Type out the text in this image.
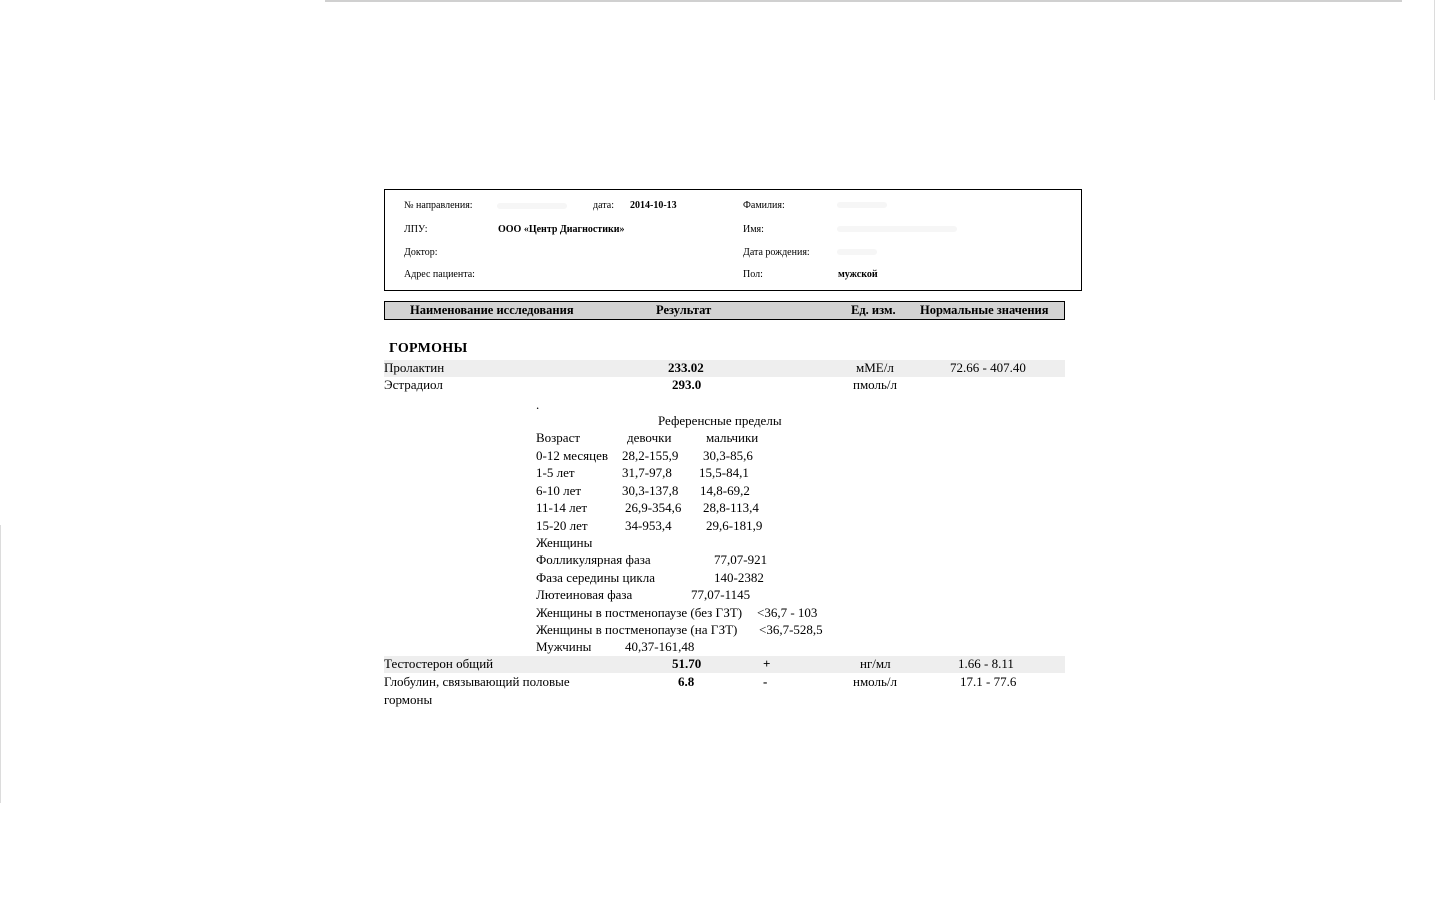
№ направления:	дата: 2014-10-13	Фамилия:
ЛПУ:	ООО «Центр Диагностики»	Имя:
Доктор:	Дата рождения:
Адрес пациента:	Пол:	мужской
Наименование исследования	Результат	Ед. изм. Нормальные значения
ГОРМОНЫ
Пролактин	233.02	мМЕ/л	72.66 - 407.40
Эстрадиол	293.0	пмоль/л
.
Референсные пределы
Возраст	девочки	мальчики
0-12 месяцев 28,2-155,9 30,3-85,6
1-5 лет	31,7-97,8 15,5-84,1
6-10 лет	30,3-137,8 14,8-69,2
11-14 лет	26,9-354,6 28,8-113,4
15-20 лет	34-953,4	29,6-181,9
Женщины
Фолликулярная фаза	77,07-921
Фаза середины цикла	140-2382
Лютеиновая фаза	77,07-1145
Женщины в постменопаузе (без ГЗТ) <36,7 - 103
Женщины в постменопаузе (на ГЗТ) <36,7-528,5
Мужчины	40,37-161,48
Тестостерон общий	51.70	+	нг/мл	1.66 - 8.11
Глобулин, связывающий половые
гормоны
6.8	-	нмоль/л	17.1 - 77.6
